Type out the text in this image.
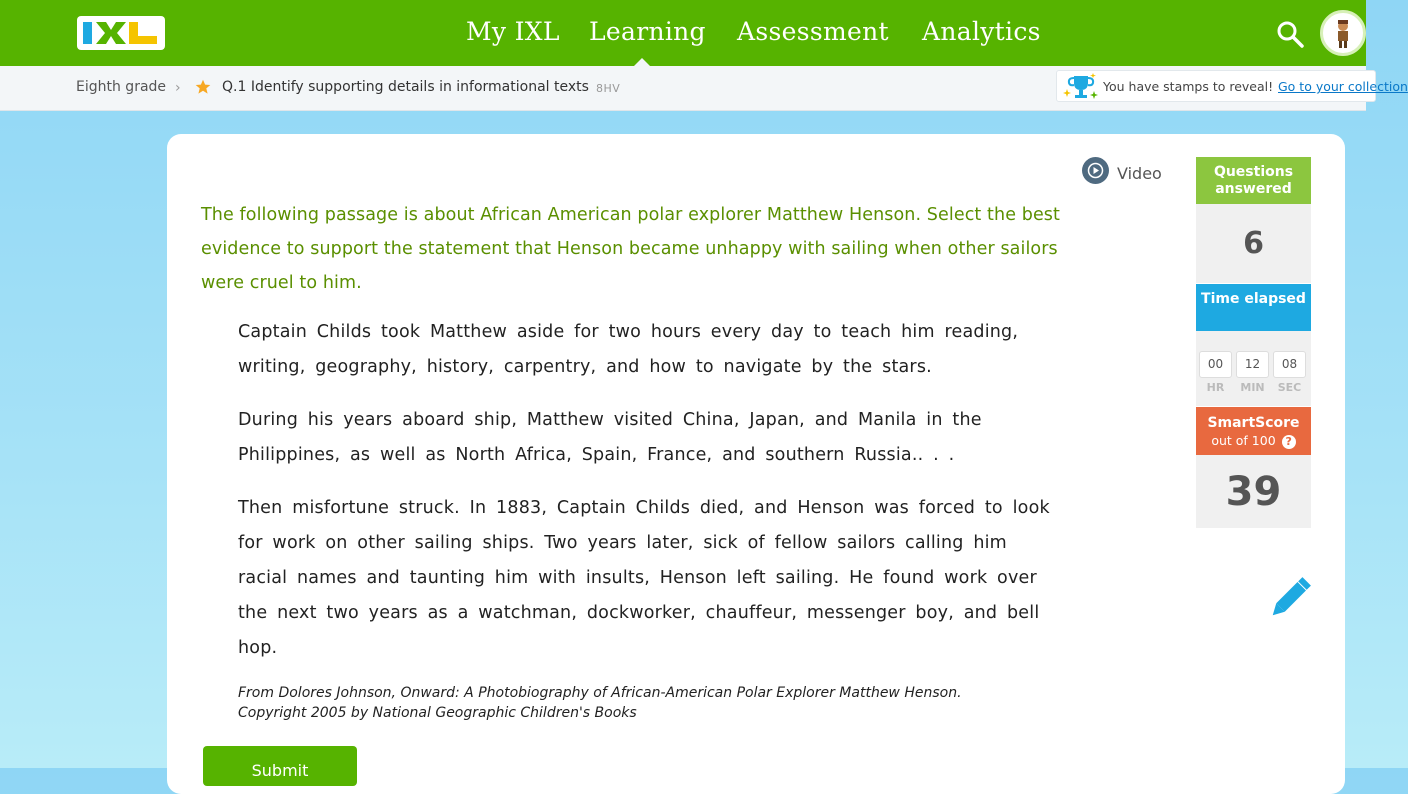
My IXL Learning Assessment Analytics
Eighth grade ›	Q.1 Identify supporting details in informational texts 8HV	You have stamps to reveal! Go to your collection
Video
The following passage is about African American polar explorer Matthew Henson. Select the best evidence to support the statement that Henson became unhappy with sailing when other sailors were cruel to him.

Captain Childs took Matthew aside for two hours every day to teach him reading, writing, geography, history, carpentry, and how to navigate by the stars.

During his years aboard ship, Matthew visited China, Japan, and Manila in the Philippines, as well as North Africa, Spain, France, and southern Russia.. . .

Then misfortune struck. In 1883, Captain Childs died, and Henson was forced to look for work on other sailing ships. Two years later, sick of fellow sailors calling him racial names and taunting him with insults, Henson left sailing. He found work over the next two years as a watchman, dockworker, chauffeur, messenger boy, and bell hop.

From Dolores Johnson, Onward: A Photobiography of African-American Polar Explorer Matthew Henson.
Copyright 2005 by National Geographic Children's Books
Submit
Questions answered
6
Time elapsed
00	12	08
HR	MIN	SEC
SmartScore
out of 100 ?
39
